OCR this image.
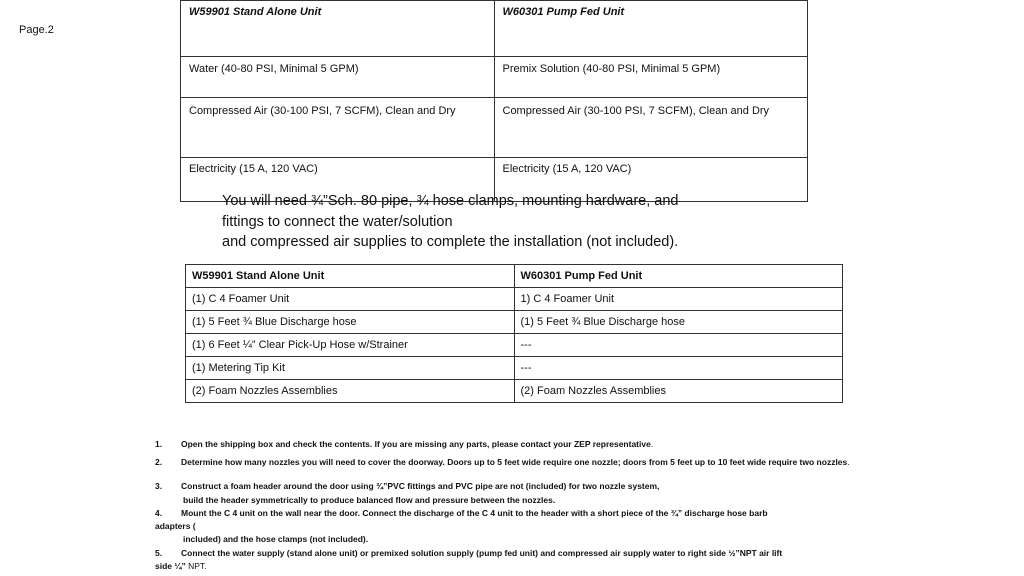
Page.2
W59901 Stand Alone Unit	W60301 Pump Fed Unit
Water (40-80 PSI, Minimal 5 GPM)	Premix Solution (40-80 PSI, Minimal 5 GPM)
Compressed Air (30-100 PSI, 7 SCFM), Clean and Dry	Compressed Air (30-100 PSI, 7 SCFM), Clean and Dry
Electricity (15 A, 120 VAC)	Electricity (15 A, 120 VAC)
You will need ¾”Sch. 80 pipe, ¾ hose clamps, mounting hardware, and
fittings to connect the water/solution
and compressed air supplies to complete the installation (not included).
W59901 Stand Alone Unit	W60301 Pump Fed Unit
(1) C 4 Foamer Unit	1) C 4 Foamer Unit
(1) 5 Feet ¾ Blue Discharge hose	(1) 5 Feet ¾ Blue Discharge hose
(1) 6 Feet ¼” Clear Pick-Up Hose w/Strainer	---
(1) Metering Tip Kit	---
(2) Foam Nozzles Assemblies	(2) Foam Nozzles Assemblies
1. Open the shipping box and check the contents. If you are missing any parts, please contact your ZEP representative.
2. Determine how many nozzles you will need to cover the doorway. Doors up to 5 feet wide require one nozzle; doors from 5 feet up to 10 feet wide require two nozzles.
3. Construct a foam header around the door using ¾”PVC fittings and PVC pipe are not (included) for two nozzle system,
build the header symmetrically to produce balanced flow and pressure between the nozzles.
4. Mount the C 4 unit on the wall near the door. Connect the discharge of the C 4 unit to the header with a short piece of the ¾” discharge hose barb
adapters (
included) and the hose clamps (not included).
5. Connect the water supply (stand alone unit) or premixed solution supply (pump fed unit) and compressed air supply water to right side ½”NPT air lift
side ¼” NPT.
